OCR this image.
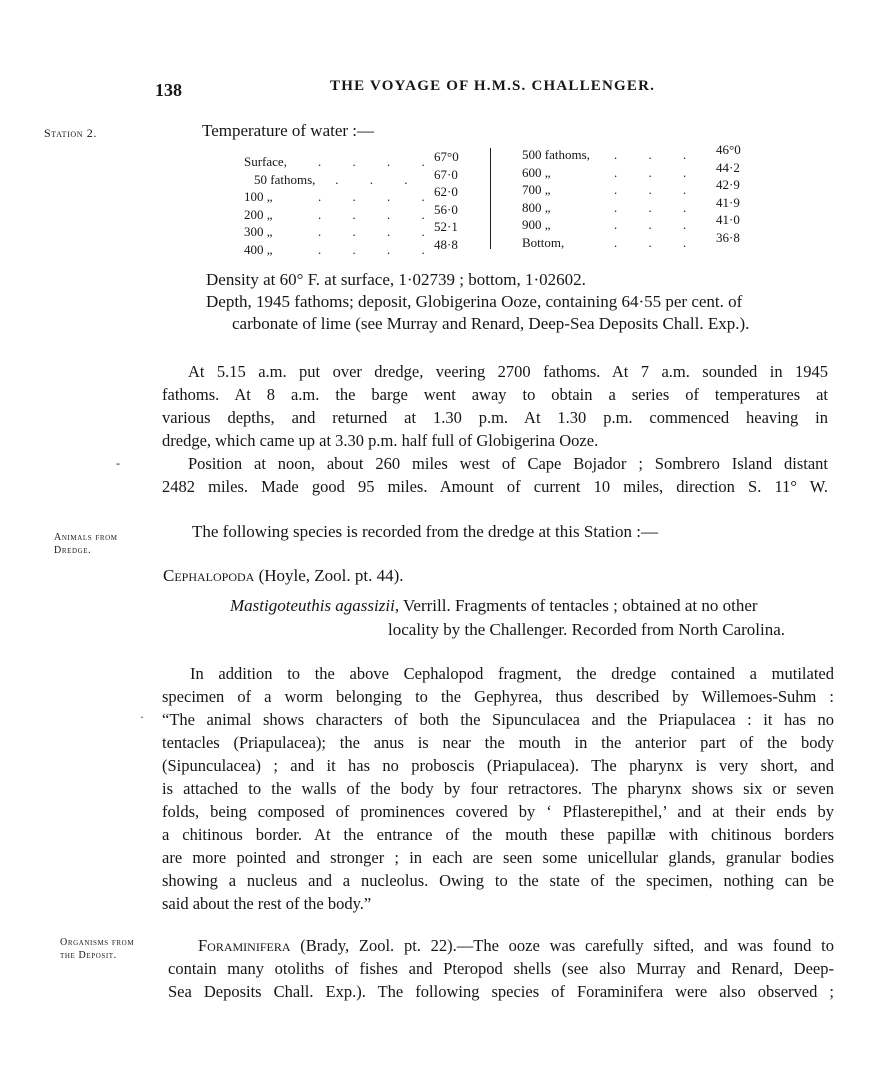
138	THE VOYAGE OF H.M.S. CHALLENGER.
Station 2.
Animals from
Dredge.
Organisms from
the Deposit.
Temperature of water :—
Surface,
50 fathoms,
100 „
200 „
300 „
400 „
. . . .
. . .
. . . .
. . . .
. . . .
. . . .
67°0
67·0
62·0
56·0
52·1
48·8
500 fathoms,
600 „
700 „
800 „
900 „
Bottom,
. . .
. . .
. . .
. . .
. . .
. . .
46°0
44·2
42·9
41·9
41·0
36·8
Density at 60° F. at surface, 1·02739 ; bottom, 1·02602.
Depth, 1945 fathoms; deposit, Globigerina Ooze, containing 64·55 per cent. of
carbonate of lime (see Murray and Renard, Deep-Sea Deposits Chall. Exp.).
At 5.15 a.m. put over dredge, veering 2700 fathoms. At 7 a.m. sounded in 1945
fathoms. At 8 a.m. the barge went away to obtain a series of temperatures at
various depths, and returned at 1.30 p.m. At 1.30 p.m. commenced heaving in
dredge, which came up at 3.30 p.m. half full of Globigerina Ooze.
Position at noon, about 260 miles west of Cape Bojador ; Sombrero Island distant
2482 miles. Made good 95 miles. Amount of current 10 miles, direction S. 11° W.
-
The following species is recorded from the dredge at this Station :—
Cephalopoda (Hoyle, Zool. pt. 44).
Mastigoteuthis agassizii, Verrill. Fragments of tentacles ; obtained at no other
locality by the Challenger. Recorded from North Carolina.
In addition to the above Cephalopod fragment, the dredge contained a mutilated
specimen of a worm belonging to the Gephyrea, thus described by Willemoes-Suhm :
“The animal shows characters of both the Sipunculacea and the Priapulacea : it has no
tentacles (Priapulacea); the anus is near the mouth in the anterior part of the body
(Sipunculacea) ; and it has no proboscis (Priapulacea). The pharynx is very short, and
is attached to the walls of the body by four retractores. The pharynx shows six or seven
folds, being composed of prominences covered by ‘ Pflasterepithel,’ and at their ends by
a chitinous border. At the entrance of the mouth these papillæ with chitinous borders
are more pointed and stronger ; in each are seen some unicellular glands, granular bodies
showing a nucleus and a nucleolus. Owing to the state of the specimen, nothing can be
said about the rest of the body.”
·
Foraminifera (Brady, Zool. pt. 22).—The ooze was carefully sifted, and was found to
contain many otoliths of fishes and Pteropod shells (see also Murray and Renard, Deep-
Sea Deposits Chall. Exp.). The following species of Foraminifera were also observed ;
